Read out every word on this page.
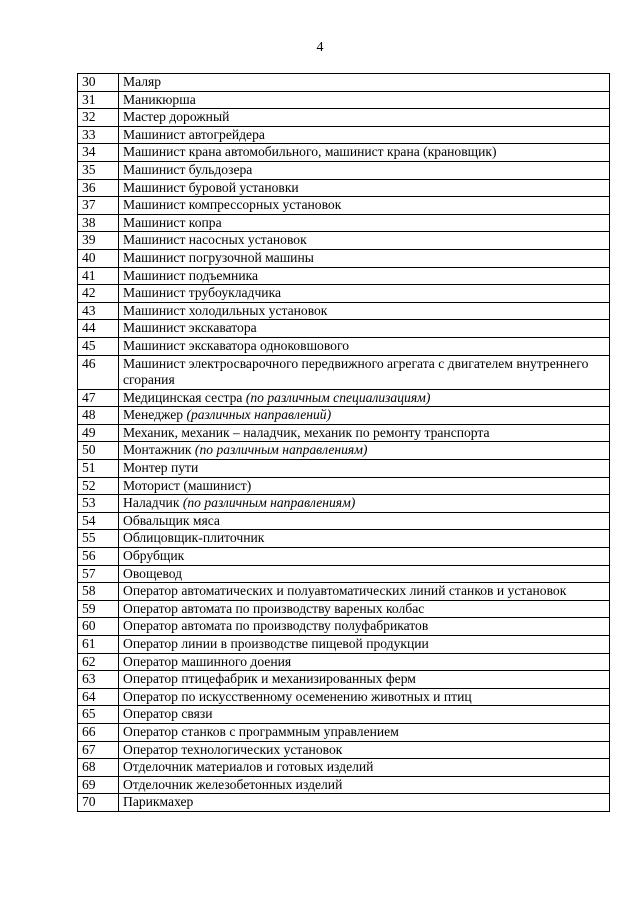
4
30	Маляр
31	Маникюрша
32	Мастер дорожный
33	Машинист автогрейдера
34	Машинист крана автомобильного, машинист крана (крановщик)
35	Машинист бульдозера
36	Машинист буровой установки
37	Машинист компрессорных установок
38	Машинист копра
39	Машинист насосных установок
40	Машинист погрузочной машины
41	Машинист подъемника
42	Машинист трубоукладчика
43	Машинист холодильных установок
44	Машинист экскаватора
45	Машинист экскаватора одноковшового
46	Машинист электросварочного передвижного агрегата с двигателем внутреннего сгорания
47	Медицинская сестра (по различным специализациям)
48	Менеджер (различных направлений)
49	Механик, механик – наладчик, механик по ремонту транспорта
50	Монтажник (по различным направлениям)
51	Монтер пути
52	Моторист (машинист)
53	Наладчик (по различным направлениям)
54	Обвальщик мяса
55	Облицовщик-плиточник
56	Обрубщик
57	Овощевод
58	Оператор автоматических и полуавтоматических линий станков и установок
59	Оператор автомата по производству вареных колбас
60	Оператор автомата по производству полуфабрикатов
61	Оператор линии в производстве пищевой продукции
62	Оператор машинного доения
63	Оператор птицефабрик и механизированных ферм
64	Оператор по искусственному осеменению животных и птиц
65	Оператор связи
66	Оператор станков с программным управлением
67	Оператор технологических установок
68	Отделочник материалов и готовых изделий
69	Отделочник железобетонных изделий
70	Парикмахер
